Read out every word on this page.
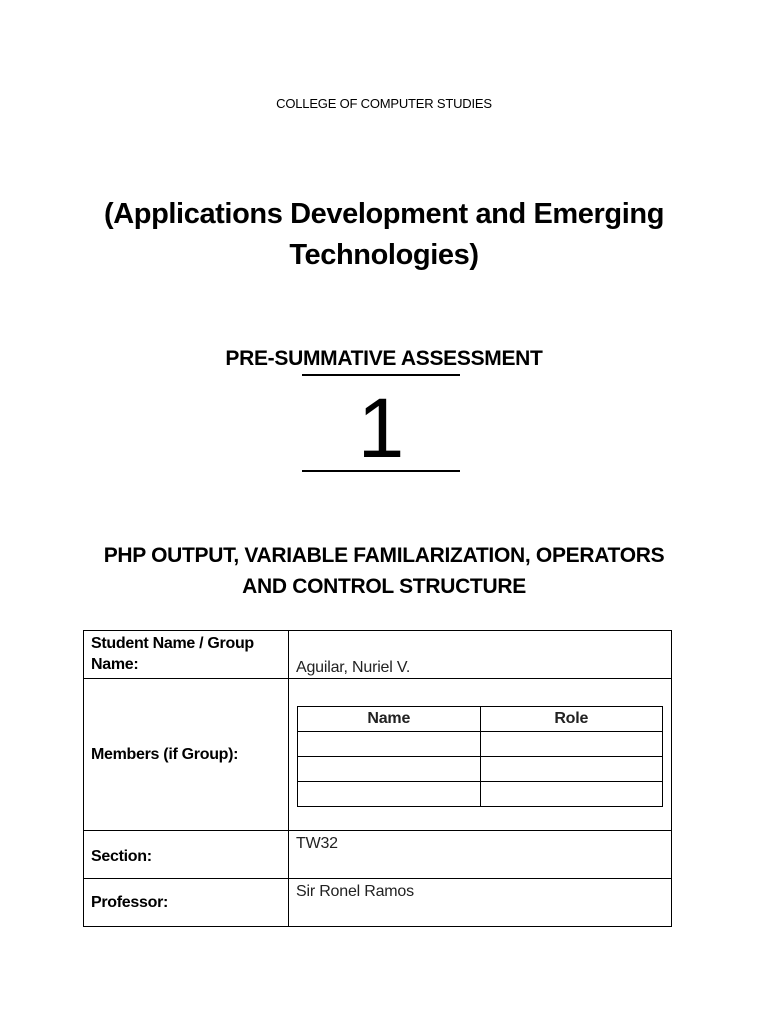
COLLEGE OF COMPUTER STUDIES
(Applications Development and Emerging Technologies)
PRE-SUMMATIVE ASSESSMENT
1
PHP OUTPUT, VARIABLE FAMILARIZATION, OPERATORS AND CONTROL STRUCTURE
Student Name / Group Name:	Aguilar, Nuriel V.
Members (if Group):	
Name	Role

Section:	TW32
Professor:	Sir Ronel Ramos
